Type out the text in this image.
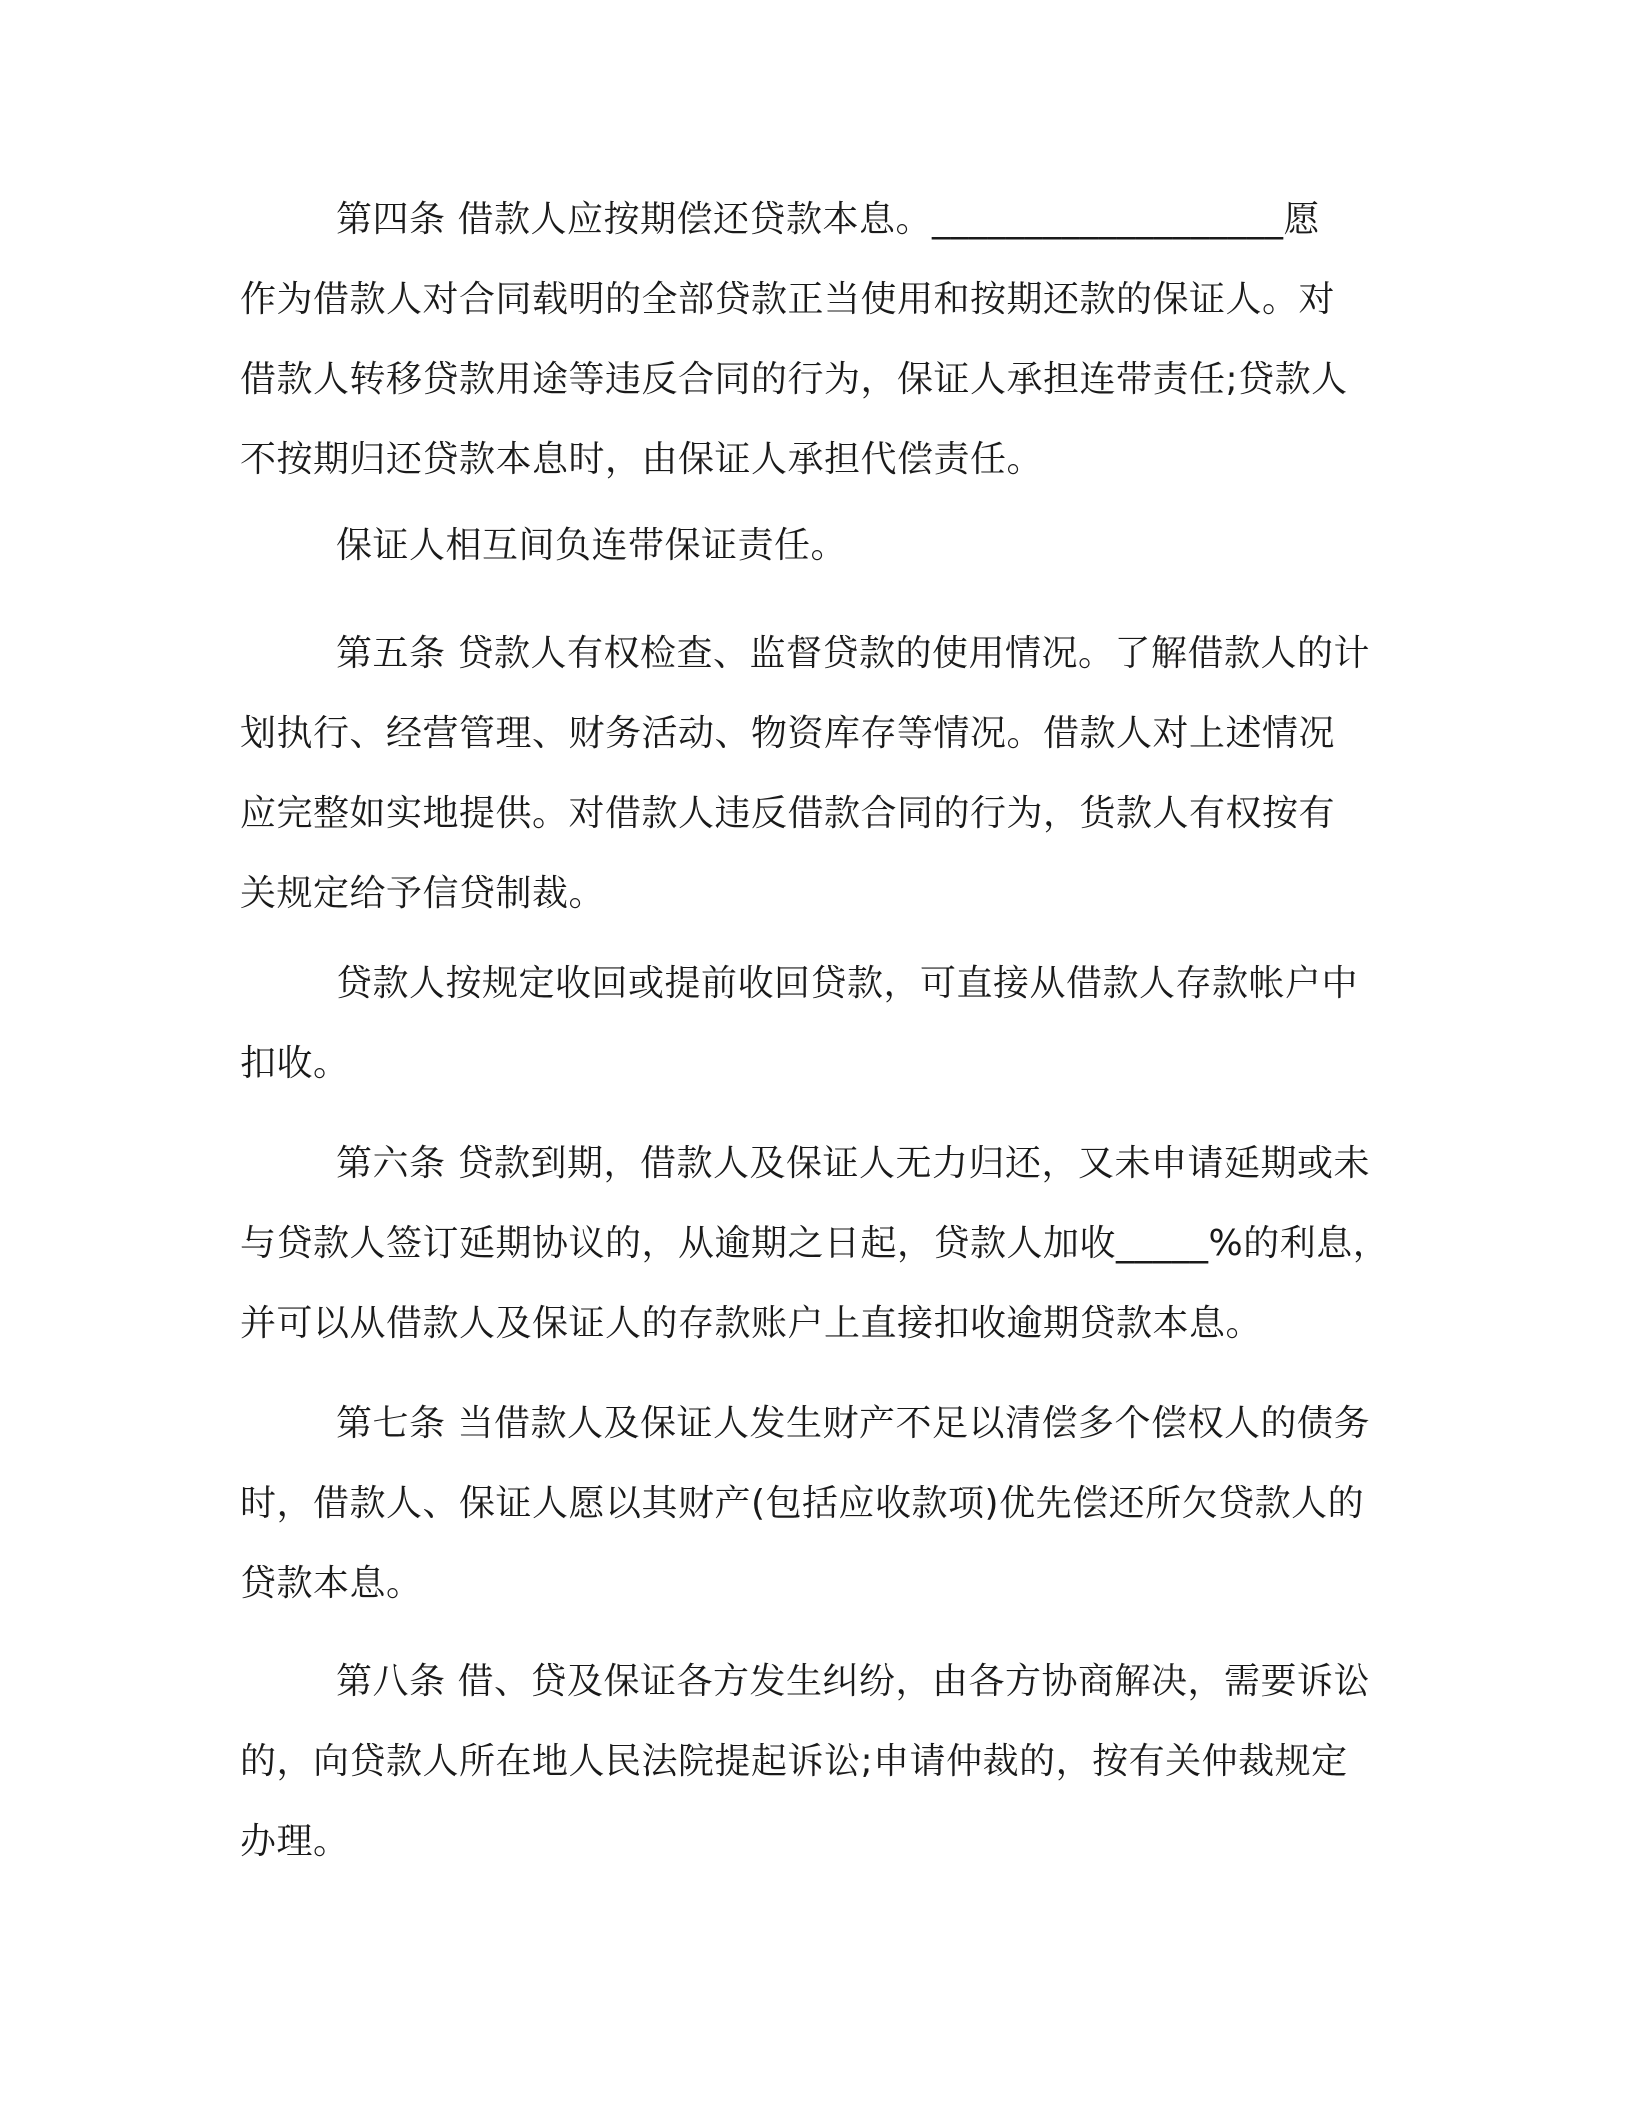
第四条 借款人应按期偿还贷款本息。___________________愿
作为借款人对合同载明的全部贷款正当使用和按期还款的保证人。对
借款人转移贷款用途等违反合同的行为，保证人承担连带责任;贷款人
不按期归还贷款本息时，由保证人承担代偿责任。
保证人相互间负连带保证责任。
第五条 贷款人有权检查、监督贷款的使用情况。了解借款人的计
划执行、经营管理、财务活动、物资库存等情况。借款人对上述情况
应完整如实地提供。对借款人违反借款合同的行为，货款人有权按有
关规定给予信贷制裁。
贷款人按规定收回或提前收回贷款，可直接从借款人存款帐户中
扣收。
第六条 贷款到期，借款人及保证人无力归还，又未申请延期或未
与贷款人签订延期协议的，从逾期之日起，贷款人加收_____%的利息，
并可以从借款人及保证人的存款账户上直接扣收逾期贷款本息。
第七条 当借款人及保证人发生财产不足以清偿多个偿权人的债务
时，借款人、保证人愿以其财产(包括应收款项)优先偿还所欠贷款人的
贷款本息。
第八条 借、贷及保证各方发生纠纷，由各方协商解决，需要诉讼
的，向贷款人所在地人民法院提起诉讼;申请仲裁的，按有关仲裁规定
办理。
